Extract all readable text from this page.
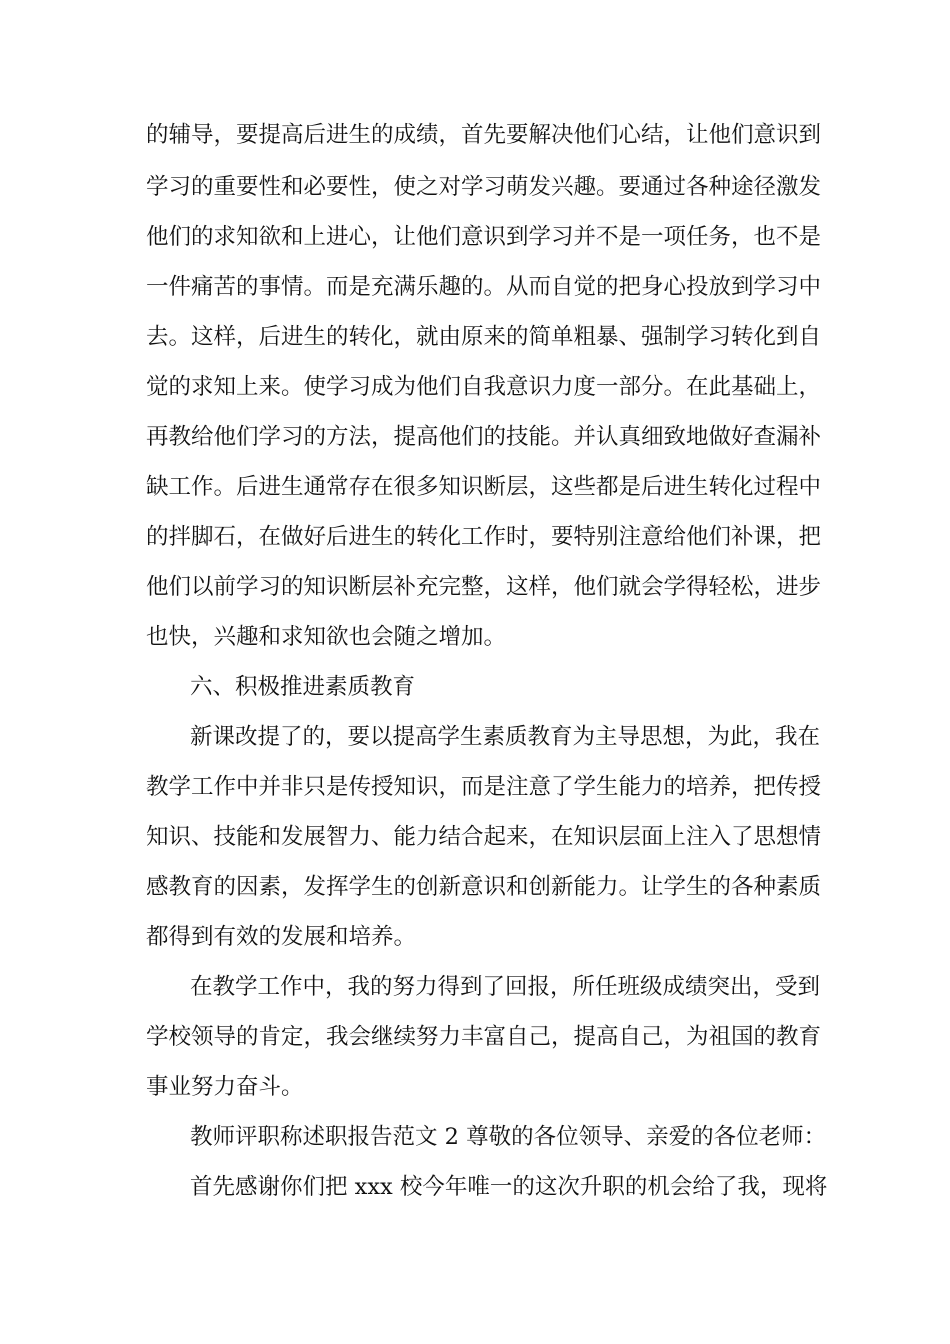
的辅导，要提高后进生的成绩，首先要解决他们心结，让他们意识到
学习的重要性和必要性，使之对学习萌发兴趣。要通过各种途径激发
他们的求知欲和上进心，让他们意识到学习并不是一项任务，也不是
一件痛苦的事情。而是充满乐趣的。从而自觉的把身心投放到学习中
去。这样，后进生的转化，就由原来的简单粗暴、强制学习转化到自
觉的求知上来。使学习成为他们自我意识力度一部分。在此基础上，
再教给他们学习的方法，提高他们的技能。并认真细致地做好查漏补
缺工作。后进生通常存在很多知识断层，这些都是后进生转化过程中
的拌脚石，在做好后进生的转化工作时，要特别注意给他们补课，把
他们以前学习的知识断层补充完整，这样，他们就会学得轻松，进步
也快，兴趣和求知欲也会随之增加。
六、积极推进素质教育
新课改提了的，要以提高学生素质教育为主导思想，为此，我在
教学工作中并非只是传授知识，而是注意了学生能力的培养，把传授
知识、技能和发展智力、能力结合起来，在知识层面上注入了思想情
感教育的因素，发挥学生的创新意识和创新能力。让学生的各种素质
都得到有效的发展和培养。
在教学工作中，我的努力得到了回报，所任班级成绩突出，受到
学校领导的肯定，我会继续努力丰富自己，提高自己，为祖国的教育
事业努力奋斗。
教师评职称述职报告范文 2 尊敬的各位领导、亲爱的各位老师：
首先感谢你们把 xxx 校今年唯一的这次升职的机会给了我，现将
